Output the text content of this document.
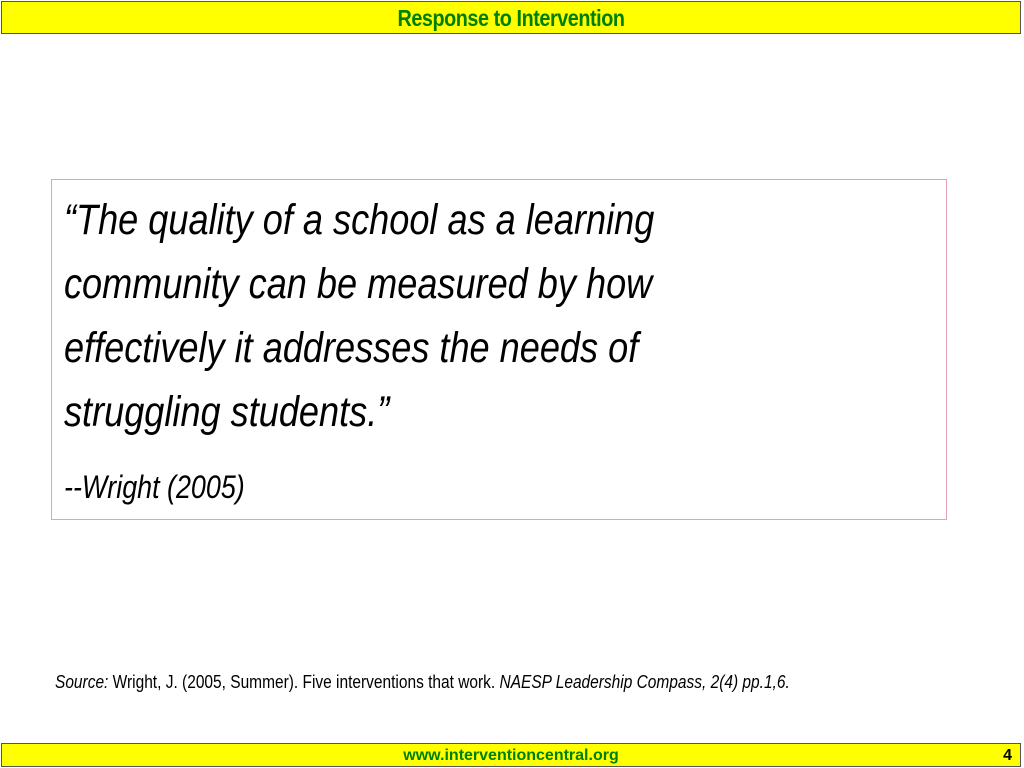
Response to Intervention
“The quality of a school as a learning
community can be measured by how
effectively it addresses the needs of
struggling students.”
--Wright (2005)

Source: Wright, J. (2005, Summer). Five interventions that work. NAESP Leadership Compass, 2(4) pp.1,6.

www.interventioncentral.org	4
